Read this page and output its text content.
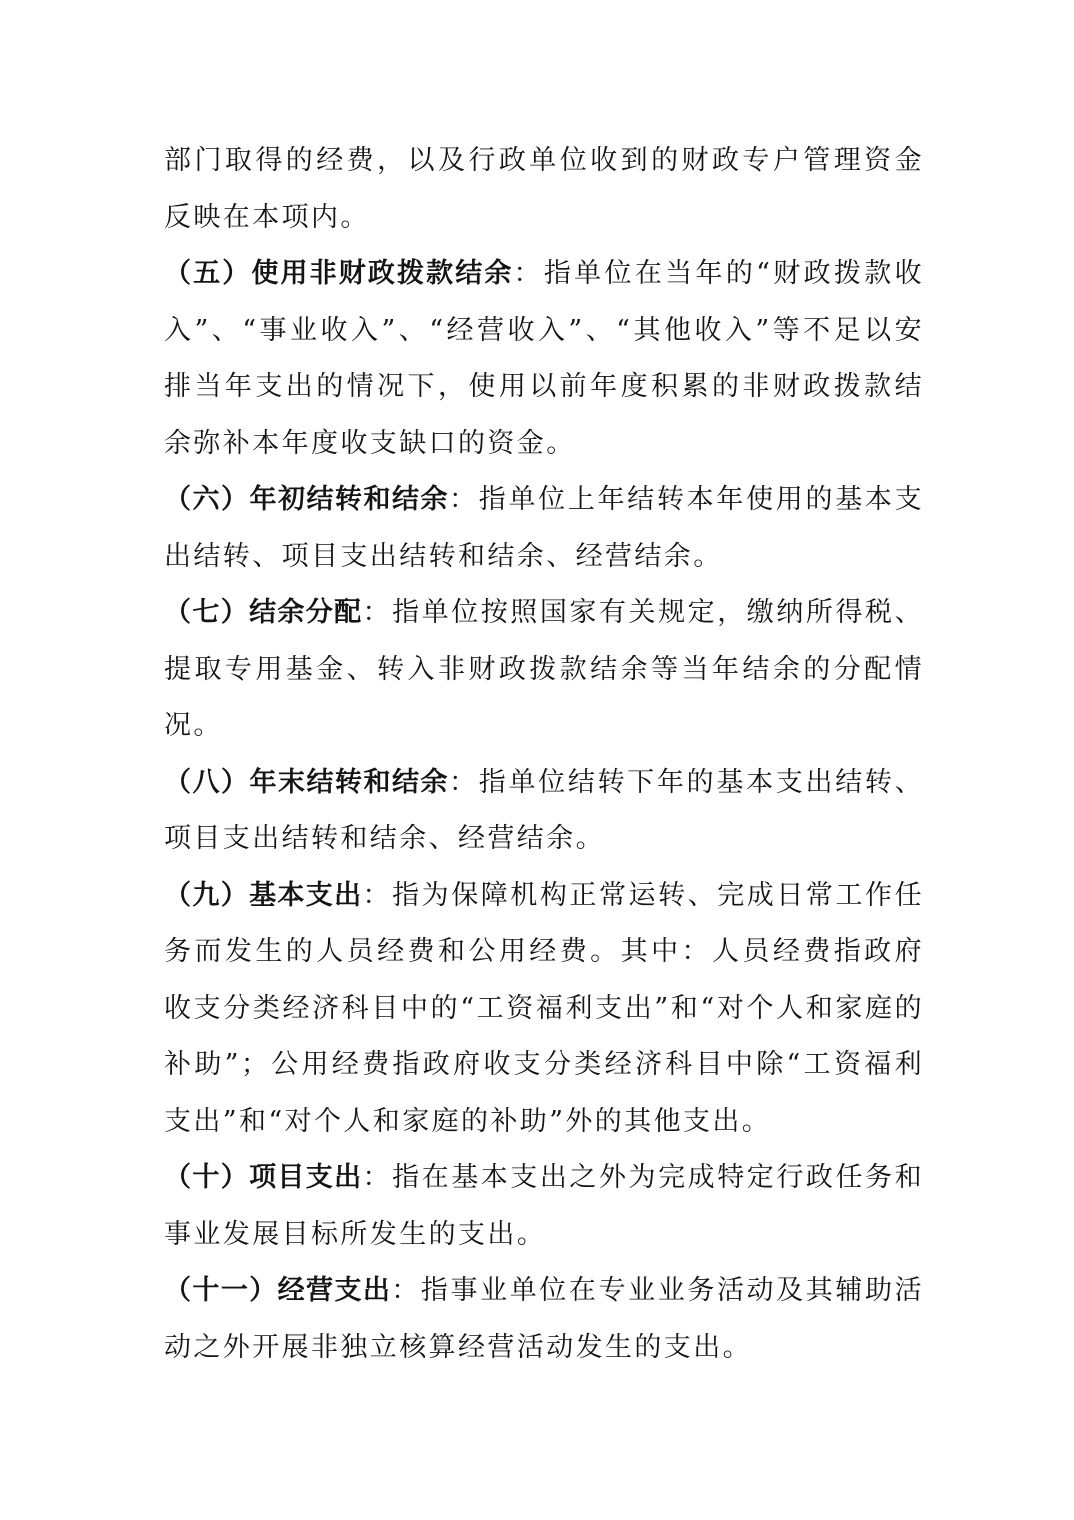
部门取得的经费，以及行政单位收到的财政专户管理资金反映在本项内。

（五）使用非财政拨款结余：指单位在当年的“财政拨款收入”、“事业收入”、“经营收入”、“其他收入”等不足以安排当年支出的情况下，使用以前年度积累的非财政拨款结余弥补本年度收支缺口的资金。

（六）年初结转和结余：指单位上年结转本年使用的基本支出结转、项目支出结转和结余、经营结余。

（七）结余分配：指单位按照国家有关规定，缴纳所得税、提取专用基金、转入非财政拨款结余等当年结余的分配情况。

（八）年末结转和结余：指单位结转下年的基本支出结转、项目支出结转和结余、经营结余。

（九）基本支出：指为保障机构正常运转、完成日常工作任务而发生的人员经费和公用经费。其中：人员经费指政府收支分类经济科目中的“工资福利支出”和“对个人和家庭的补助”；公用经费指政府收支分类经济科目中除“工资福利支出”和“对个人和家庭的补助”外的其他支出。

（十）项目支出：指在基本支出之外为完成特定行政任务和事业发展目标所发生的支出。

（十一）经营支出：指事业单位在专业业务活动及其辅助活动之外开展非独立核算经营活动发生的支出。
